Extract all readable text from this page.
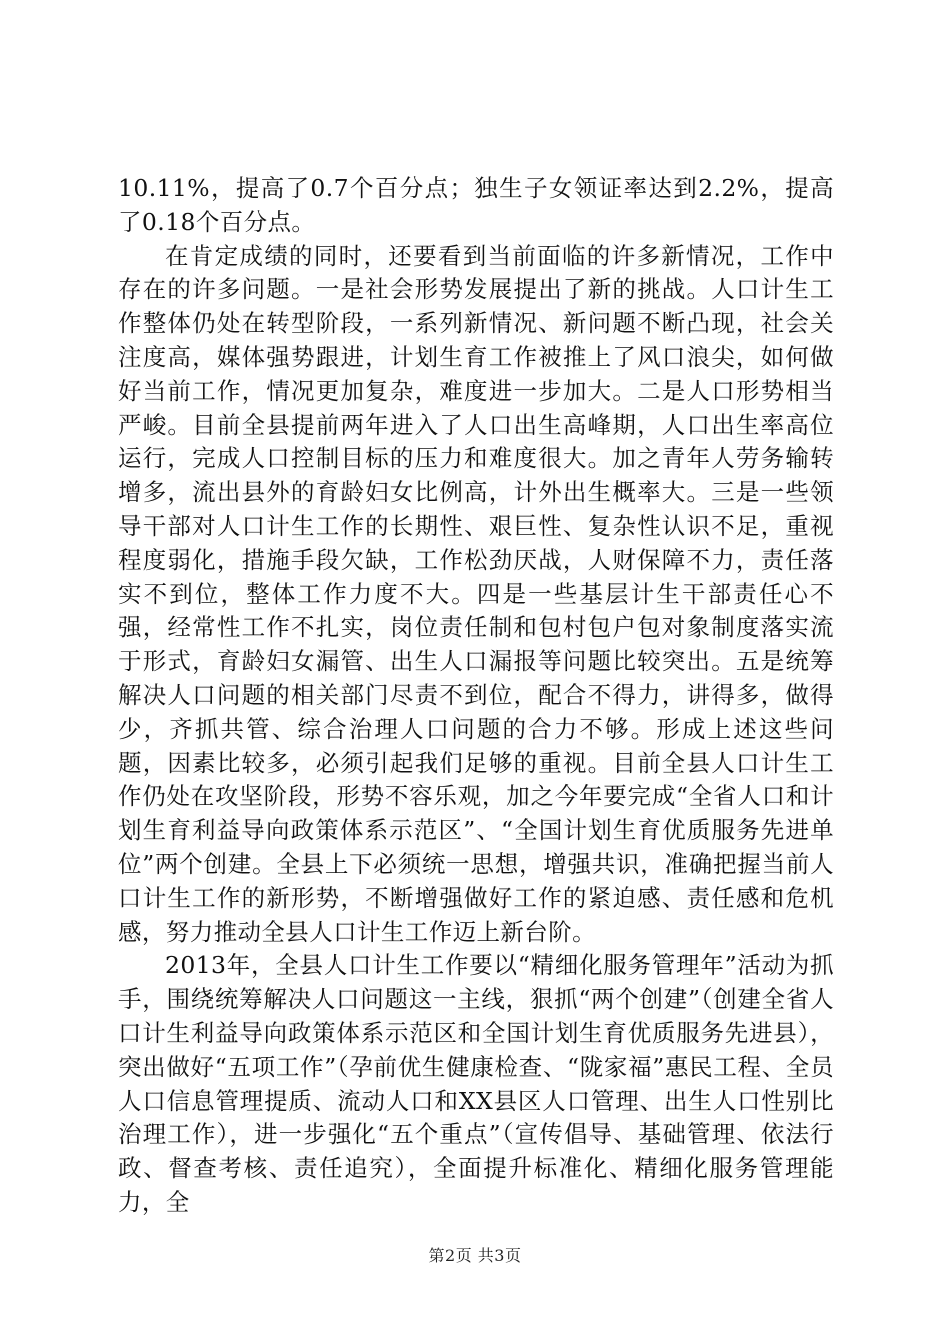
10.11%，提高了0.7个百分点；独生子女领证率达到2.2%，提高了0.18个百分点。

在肯定成绩的同时，还要看到当前面临的许多新情况，工作中存在的许多问题。一是社会形势发展提出了新的挑战。人口计生工作整体仍处在转型阶段，一系列新情况、新问题不断凸现，社会关注度高，媒体强势跟进，计划生育工作被推上了风口浪尖，如何做好当前工作，情况更加复杂，难度进一步加大。二是人口形势相当严峻。目前全县提前两年进入了人口出生高峰期，人口出生率高位运行，完成人口控制目标的压力和难度很大。加之青年人劳务输转增多，流出县外的育龄妇女比例高，计外出生概率大。三是一些领导干部对人口计生工作的长期性、艰巨性、复杂性认识不足，重视程度弱化，措施手段欠缺，工作松劲厌战，人财保障不力，责任落实不到位，整体工作力度不大。四是一些基层计生干部责任心不强，经常性工作不扎实，岗位责任制和包村包户包对象制度落实流于形式，育龄妇女漏管、出生人口漏报等问题比较突出。五是统筹解决人口问题的相关部门尽责不到位，配合不得力，讲得多，做得少，齐抓共管、综合治理人口问题的合力不够。形成上述这些问题，因素比较多，必须引起我们足够的重视。目前全县人口计生工作仍处在攻坚阶段，形势不容乐观，加之今年要完成“全省人口和计划生育利益导向政策体系示范区”、“全国计划生育优质服务先进单位”两个创建。全县上下必须统一思想，增强共识，准确把握当前人口计生工作的新形势，不断增强做好工作的紧迫感、责任感和危机感，努力推动全县人口计生工作迈上新台阶。

2013年，全县人口计生工作要以“精细化服务管理年”活动为抓手，围绕统筹解决人口问题这一主线，狠抓“两个创建”（创建全省人口计生利益导向政策体系示范区和全国计划生育优质服务先进县），突出做好“五项工作”（孕前优生健康检查、“陇家福”惠民工程、全员人口信息管理提质、流动人口和XX县区人口管理、出生人口性别比治理工作），进一步强化“五个重点”（宣传倡导、基础管理、依法行政、督查考核、责任追究），全面提升标准化、精细化服务管理能力，全

第2页 共3页
